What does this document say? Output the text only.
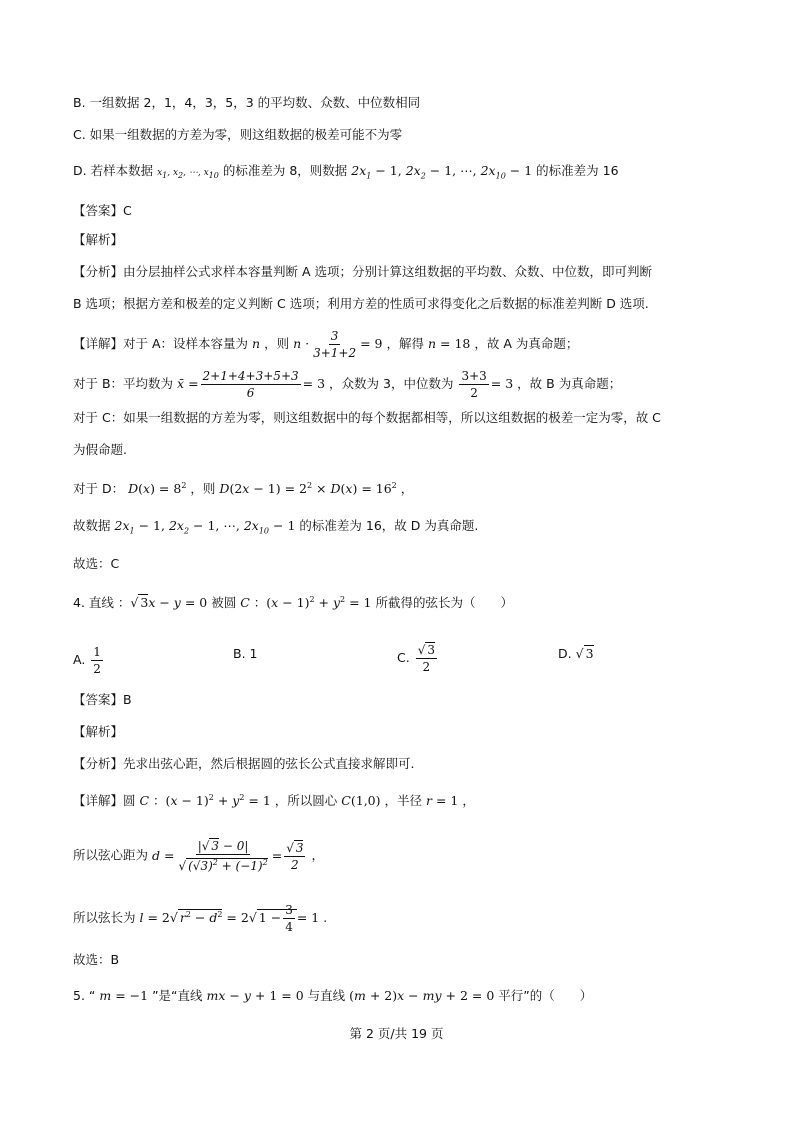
B. 一组数据 2，1，4，3，5，3 的平均数、众数、中位数相同
C. 如果一组数据的方差为零，则这组数据的极差可能不为零
D. 若样本数据 $x_1$, $x_2$, ⋯, $x_{10}$ 的标准差为 8，则数据 $2x_1 - 1$, $2x_2 - 1$, ⋯, $2x_{10} - 1$ 的标准差为 16
【答案】C
【解析】
【分析】由分层抽样公式求样本容量判断 A 选项；分别计算这组数据的平均数、众数、中位数，即可判断
B 选项；根据方差和极差的定义判断 C 选项；利用方差的性质可求得变化之后数据的标准差判断 D 选项.
【详解】对于 A：设样本容量为 n ，则 $n \cdot \frac{3}{3+1+2} = 9$ ，解得 n = 18 ，故 A 为真命题；
对于 B：平均数为 x̄ = $\frac{2+1+4+3+5+3}{6} = 3$ ，众数为 3，中位数为 $\frac{3+3}{2} = 3$ ，故 B 为真命题；
对于 C：如果一组数据的方差为零，则这组数据中的每个数据都相等，所以这组数据的极差一定为零，故 C
为假命题.
对于 D： $D(x) = 8^2$ ，则 $D(2x - 1) = 2^2 \times D(x) = 16^2$ ，
故数据 $2x_1 - 1$, $2x_2 - 1$, ⋯, $2x_{10} - 1$ 的标准差为 16，故 D 为真命题.
故选：C
4. 直线 ：√ 3x − y = 0 被圆 C ：$(x - 1)^2 + y^2 = 1$ 所截得的弦长为（　　）
A. $\frac{1}{2}$	B. 1	C. $\frac{√ 3}{2}$	D. √ 3
【答案】B
【解析】
【分析】先求出弦心距，然后根据圆的弦长公式直接求解即可.
【详解】圆 C ：$(x - 1)^2 + y^2 = 1$ ，所以圆心 C(1,0) ，半径 r = 1 ，
所以弦心距为 $d = \frac{|√ 3 - 0|}{√ (√3)^2 + (-1)^2} = \frac{√ 3}{2}$ ，
所以弦长为 l = 2√ $r^2 - d^2 = 2√$ $1 - \frac{3}{4} = 1$ .
故选：B
5. “ m = −1 ”是“直线 mx − y + 1 = 0 与直线 (m + 2)x − my + 2 = 0 平行”的（　　）
第 2 页/共 19 页
